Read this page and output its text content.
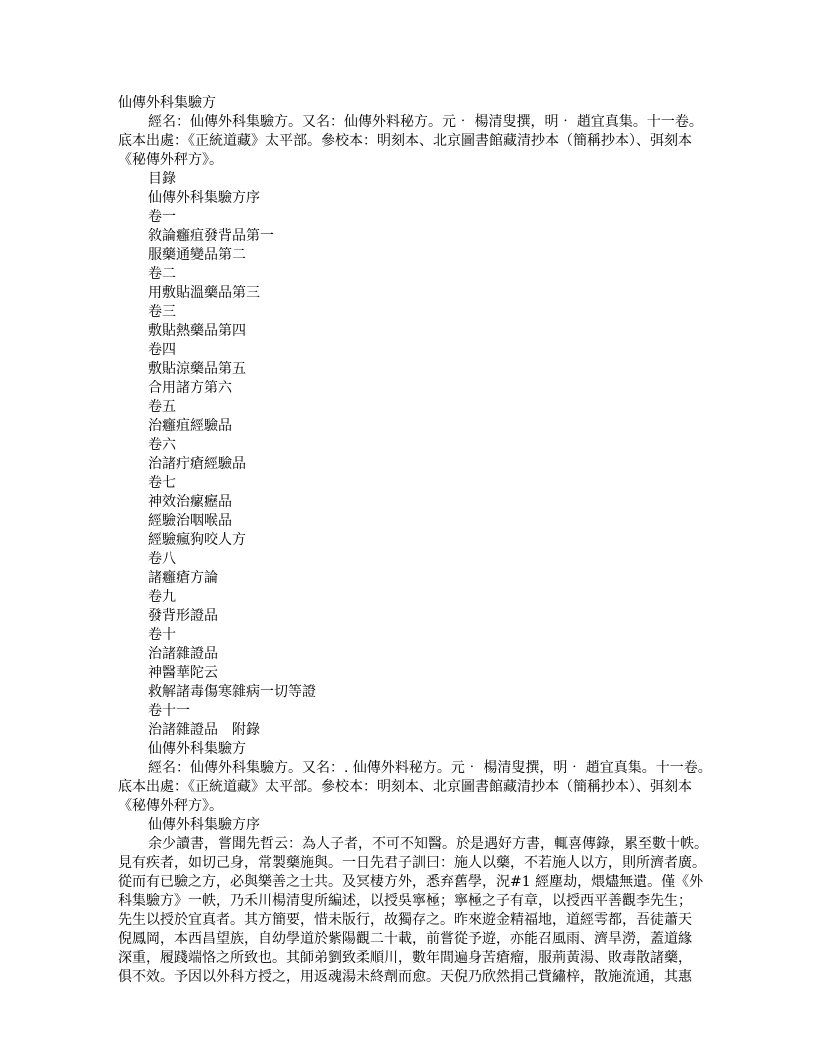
仙傳外科集驗方
經名：仙傳外科集驗方。又名：仙傳外料秘方。元‧ 楊清叟撰，明‧ 趙宜真集。十一卷。
底本出處：《正統道藏》太平部。參校本：明刻本、北京圖書館藏清抄本（簡稱抄本）、弭刻本
《秘傳外秤方》。
目錄
仙傳外科集驗方序
卷一
敘論癰疽發背品第一
服藥通變品第二
卷二
用敷貼溫藥品第三
卷三
敷貼熱藥品第四
卷四
敷貼涼藥品第五
合用諸方第六
卷五
治癰疽經驗品
卷六
治諸疔瘡經驗品
卷七
神效治瘰癧品
經驗治咽喉品
經驗瘋狗咬人方
卷八
諸癰瘡方論
卷九
發背形證品
卷十
治諸雜證品
神醫華陀云
救解諸毒傷寒雜病一切等證
卷十一
治諸雜證品　附錄
仙傳外科集驗方
經名：仙傳外科集驗方。又名：. 仙傳外料秘方。元‧ 楊清叟撰，明‧ 趙宜真集。十一卷。
底本出處：《正統道藏》太平部。參校本：明刻本、北京圖書館藏清抄本（簡稱抄本）、弭刻本
《秘傳外秤方》。
仙傳外科集驗方序
余少讀書，嘗聞先哲云：為人子者，不可不知醫。於是遇好方書，輒喜傳錄，累至數十帙。
見有疾者，如切己身，常製藥施與。一日先君子訓曰：施人以藥，不若施人以方，則所濟者廣。
從而有已驗之方，必與樂善之士共。及冥棲方外，悉弃舊學，況#1 經塵劫，煨燼無遺。僅《外
科集驗方》一帙，乃禾川楊清叟所編述，以授吳寧極；寧極之子有章，以授西平善觀李先生；
先生以授於宜真者。其方簡要，惜未版行，故獨存之。昨來遊金精福地，道經雩都，吾徒蕭天
倪鳳岡，本西昌望族，自幼學道於紫陽觀二十載，前嘗從予遊，亦能召風雨、濟旱澇，蓋道緣
深重，履踐端恪之所致也。其師弟劉致柔順川，數年間遍身苦瘡瘤，服荊黃湯、敗毒散諸藥，
俱不效。予因以外科方授之，用返魂湯未終劑而愈。天倪乃欣然捐己貲繡梓，散施流通，其惠
